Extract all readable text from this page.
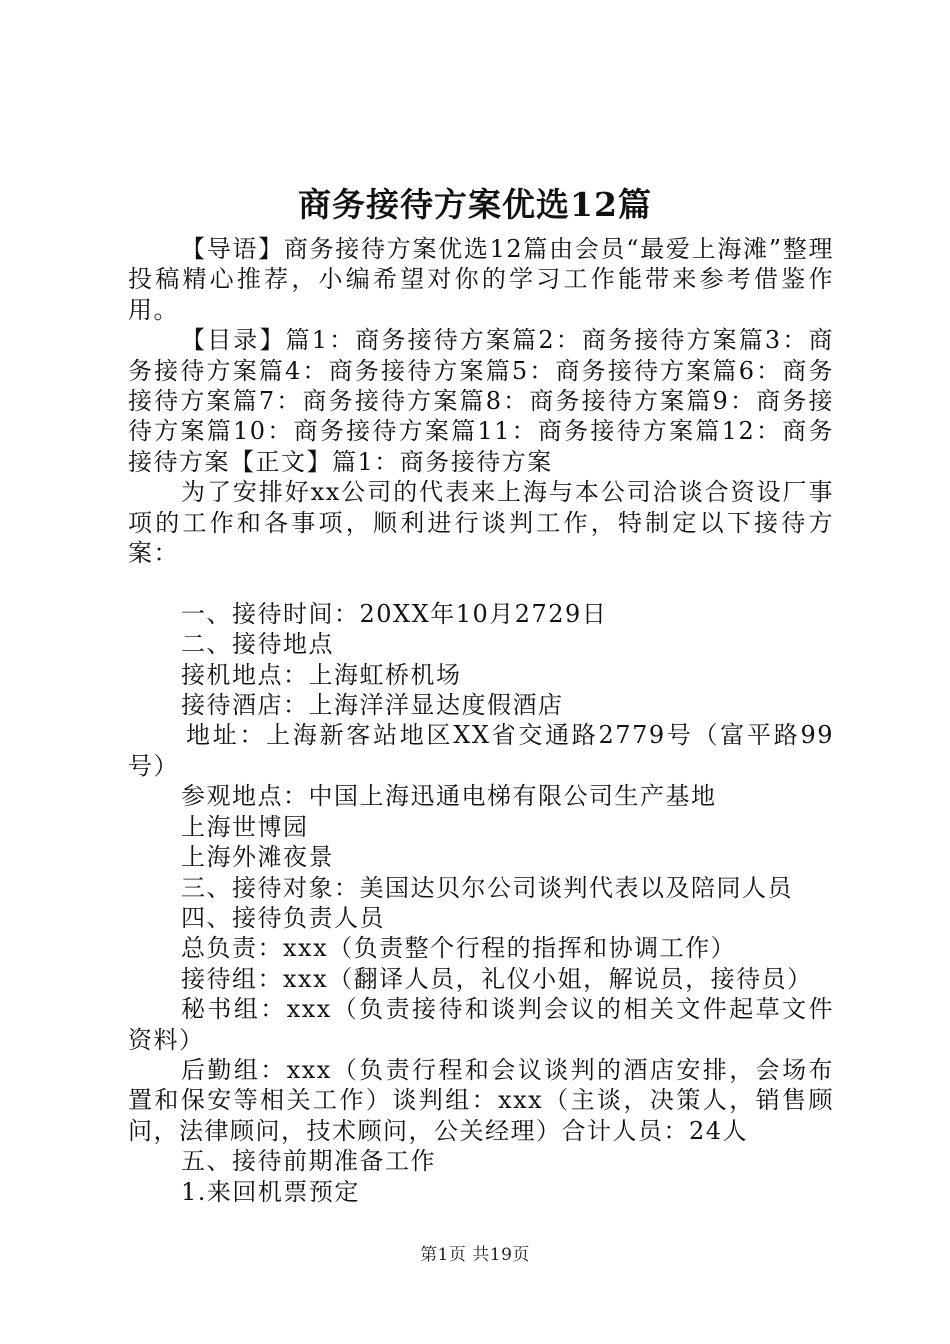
商务接待方案优选12篇

【导语】商务接待方案优选12篇由会员“最爱上海滩”整理投稿精心推荐，小编希望对你的学习工作能带来参考借鉴作用。

【目录】篇1：商务接待方案篇2：商务接待方案篇3：商务接待方案篇4：商务接待方案篇5：商务接待方案篇6：商务接待方案篇7：商务接待方案篇8：商务接待方案篇9：商务接待方案篇10：商务接待方案篇11：商务接待方案篇12：商务接待方案【正文】篇1：商务接待方案

为了安排好xx公司的代表来上海与本公司洽谈合资设厂事项的工作和各事项，顺利进行谈判工作，特制定以下接待方案：

一、接待时间：20XX年10月2729日

二、接待地点

接机地点：上海虹桥机场

接待酒店：上海洋洋显达度假酒店

地址：上海新客站地区XX省交通路2779号（富平路99号）

参观地点：中国上海迅通电梯有限公司生产基地

上海世博园

上海外滩夜景

三、接待对象：美国达贝尔公司谈判代表以及陪同人员

四、接待负责人员

总负责：xxx（负责整个行程的指挥和协调工作）

接待组：xxx（翻译人员，礼仪小姐，解说员，接待员）

秘书组：xxx（负责接待和谈判会议的相关文件起草文件资料）

后勤组：xxx（负责行程和会议谈判的酒店安排，会场布置和保安等相关工作）谈判组：xxx（主谈，决策人，销售顾问，法律顾问，技术顾问，公关经理）合计人员：24人

五、接待前期准备工作

1.来回机票预定

第1页 共19页
